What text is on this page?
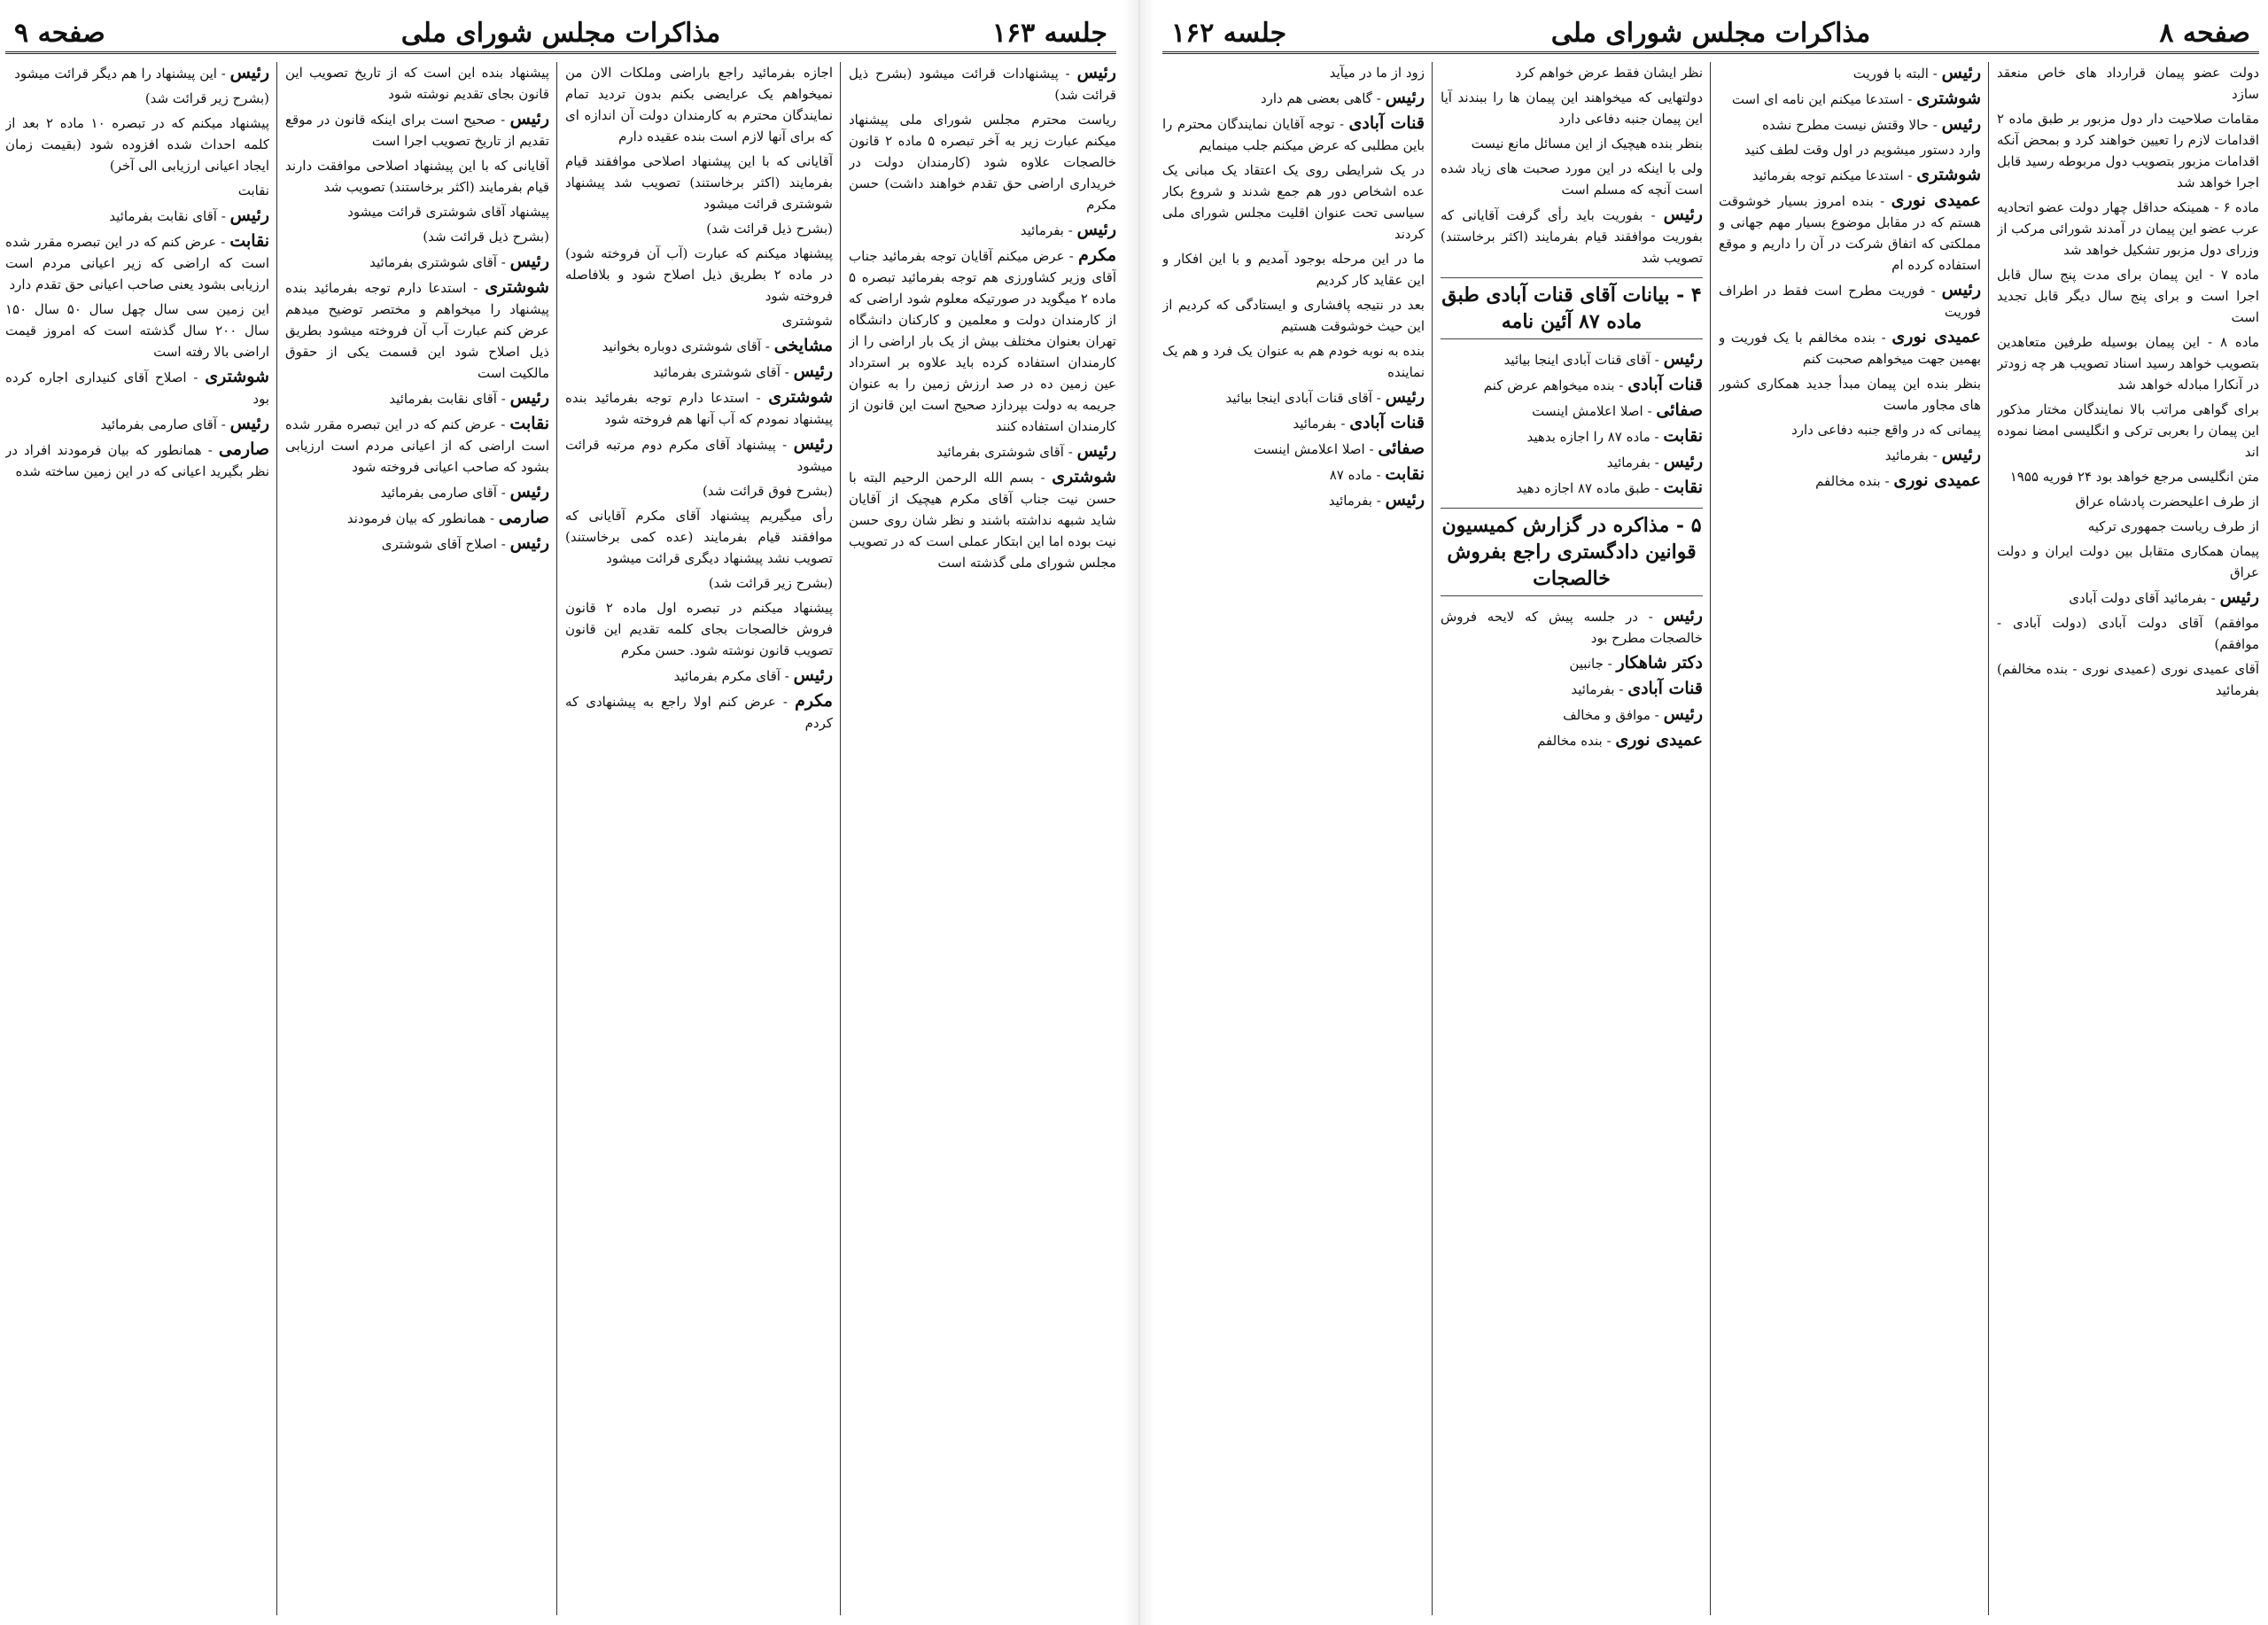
جلسه ۱۶۳
مذاکرات مجلس شورای ملی
صفحه ۹

رئیس - پیشنهادات قرائت میشود (بشرح ذیل قرائت شد)

ریاست محترم مجلس شورای ملی پیشنهاد میکنم عبارت زیر به آخر تبصره ۵ ماده ۲ قانون خالصجات علاوه شود (کارمندان دولت در خریداری اراضی حق تقدم خواهند داشت) حسن مکرم

رئیس - بفرمائید

مکرم - عرض میکنم آقایان توجه بفرمائید جناب آقای وزیر کشاورزی هم توجه بفرمائید تبصره ۵ ماده ۲ میگوید در صورتیکه معلوم شود اراضی که از کارمندان دولت و معلمین و کارکنان دانشگاه تهران بعنوان مختلف بیش از یک بار اراضی را از کارمندان استفاده کرده باید علاوه بر استرداد عین زمین ده در صد ارزش زمین را به عنوان جریمه به دولت بپردازد صحیح است این قانون از کارمندان استفاده کنند

رئیس - آقای شوشتری بفرمائید

شوشتری - بسم الله الرحمن الرحیم البته با حسن نیت جناب آقای مکرم هیچیک از آقایان شاید شبهه نداشته باشند و نظر شان روی حسن نیت بوده اما این ابتکار عملی است که در تصویب مجلس شورای ملی گذشته است

اجازه بفرمائید راجع باراضی وملکات الان من نمیخواهم یک عرایضی بکنم بدون تردید تمام نمایندگان محترم به کارمندان دولت آن اندازه ای که برای آنها لازم است بنده عقیده دارم

آقایانی که با این پیشنهاد اصلاحی موافقند قیام بفرمایند (اکثر برخاستند) تصویب شد پیشنهاد شوشتری قرائت میشود

(بشرح ذیل قرائت شد)

پیشنهاد میکنم که عبارت (آب آن فروخته شود) در ماده ۲ بطریق ذیل اصلاح شود و بلافاصله فروخته شود

شوشتری

مشایخی - آقای شوشتری دوباره بخوانید

رئیس - آقای شوشتری بفرمائید

شوشتری - استدعا دارم توجه بفرمائید بنده پیشنهاد نمودم که آب آنها هم فروخته شود

رئیس - پیشنهاد آقای مکرم دوم مرتبه قرائت میشود

(بشرح فوق قرائت شد)

رأی میگیریم پیشنهاد آقای مکرم آقایانی که موافقند قیام بفرمایند (عده کمی برخاستند) تصویب نشد پیشنهاد دیگری قرائت میشود

(بشرح زیر قرائت شد)

پیشنهاد میکنم در تبصره اول ماده ۲ قانون فروش خالصجات بجای کلمه تقدیم این قانون تصویب قانون نوشته شود. حسن مکرم

رئیس - آقای مکرم بفرمائید

مکرم - عرض کنم اولا راجع به پیشنهادی که کردم

پیشنهاد بنده این است که از تاریخ تصویب این قانون بجای تقدیم نوشته شود

رئیس - صحیح است برای اینکه قانون در موقع تقدیم از تاریخ تصویب اجرا است

آقایانی که با این پیشنهاد اصلاحی موافقت دارند قیام بفرمایند (اکثر برخاستند) تصویب شد

پیشنهاد آقای شوشتری قرائت میشود

(بشرح ذیل قرائت شد)

رئیس - آقای شوشتری بفرمائید

شوشتری - استدعا دارم توجه بفرمائید بنده پیشنهاد را میخواهم و مختصر توضیح میدهم عرض کنم عبارت آب آن فروخته میشود بطریق ذیل اصلاح شود این قسمت یکی از حقوق مالکیت است

رئیس - آقای نقابت بفرمائید

نقابت - عرض کنم که در این تبصره مقرر شده است اراضی که از اعیانی مردم است ارزیابی بشود که صاحب اعیانی فروخته شود

رئیس - آقای صارمی بفرمائید

صارمی - همانطور که بیان فرمودند

رئیس - اصلاح آقای شوشتری

رئیس - این پیشنهاد را هم دیگر قرائت میشود

(بشرح زیر قرائت شد)

پیشنهاد میکنم که در تبصره ۱۰ ماده ۲ بعد از کلمه احداث شده افزوده شود (بقیمت زمان ایجاد اعیانی ارزیابی الی آخر)

نقابت

رئیس - آقای نقابت بفرمائید

نقابت - عرض کنم که در این تبصره مقرر شده است که اراضی که زیر اعیانی مردم است ارزیابی بشود یعنی صاحب اعیانی حق تقدم دارد

این زمین سی سال چهل سال ۵۰ سال ۱۵۰ سال ۲۰۰ سال گذشته است که امروز قیمت اراضی بالا رفته است

شوشتری - اصلاح آقای کنیداری اجاره کرده بود

رئیس - آقای صارمی بفرمائید

صارمی - همانطور که بیان فرمودند افراد در نظر بگیرید اعیانی که در این زمین ساخته شده

صفحه ۸
مذاکرات مجلس شورای ملی
جلسه ۱۶۲

دولت عضو پیمان قرارداد های خاص منعقد سازد

مقامات صلاحیت دار دول مزبور بر طبق ماده ۲ اقدامات لازم را تعیین خواهند کرد و بمحض آنکه اقدامات مزبور بتصویب دول مربوطه رسید قابل اجرا خواهد شد

ماده ۶ - همینکه حداقل چهار دولت عضو اتحادیه عرب عضو این پیمان در آمدند شورائی مرکب از وزرای دول مزبور تشکیل خواهد شد

ماده ۷ - این پیمان برای مدت پنج سال قابل اجرا است و برای پنج سال دیگر قابل تجدید است

ماده ۸ - این پیمان بوسیله طرفین متعاهدین بتصویب خواهد رسید اسناد تصویب هر چه زودتر در آنکارا مبادله خواهد شد

برای گواهی مراتب بالا نمایندگان مختار مذکور این پیمان را بعربی ترکی و انگلیسی امضا نموده اند

متن انگلیسی مرجع خواهد بود ۲۴ فوریه ۱۹۵۵

از طرف اعلیحضرت پادشاه عراق

از طرف ریاست جمهوری ترکیه

پیمان همکاری متقابل بین دولت ایران و دولت عراق

رئیس - بفرمائید آقای دولت آبادی

موافقم) آقای دولت آبادی (دولت آبادی - موافقم)

آقای عمیدی نوری (عمیدی نوری - بنده مخالفم) بفرمائید

رئیس - البته با فوریت

شوشتری - استدعا میکنم این نامه ای است

رئیس - حالا وقتش نیست مطرح نشده

وارد دستور میشویم در اول وقت لطف کنید

شوشتری - استدعا میکنم توجه بفرمائید

عمیدی نوری - بنده امروز بسیار خوشوقت هستم که در مقابل موضوع بسیار مهم جهانی و مملکتی که اتفاق شرکت در آن را داریم و موقع استفاده کرده ام

رئیس - فوریت مطرح است فقط در اطراف فوریت

عمیدی نوری - بنده مخالفم با یک فوریت و بهمین جهت میخواهم صحبت کنم

بنظر بنده این پیمان مبدأ جدید همکاری کشور های مجاور ماست

پیمانی که در واقع جنبه دفاعی دارد

رئیس - بفرمائید

عمیدی نوری - بنده مخالفم

نظر ایشان فقط عرض خواهم کرد

دولتهایی که میخواهند این پیمان ها را ببندند آیا این پیمان جنبه دفاعی دارد

بنظر بنده هیچیک از این مسائل مانع نیست

ولی با اینکه در این مورد صحبت های زیاد شده است آنچه که مسلم است

رئیس - بفوریت باید رأی گرفت آقایانی که بفوریت موافقند قیام بفرمایند (اکثر برخاستند) تصویب شد

۴ - بیانات آقای قنات آبادی طبق ماده ۸۷ آئین نامه

رئیس - آقای قنات آبادی اینجا بیائید

قنات آبادی - بنده میخواهم عرض کنم

صفائی - اصلا اعلامش اینست

نقابت - ماده ۸۷ را اجازه بدهید

رئیس - بفرمائید

نقابت - طبق ماده ۸۷ اجازه دهید

۵ - مذاکره در گزارش کمیسیون قوانین دادگستری راجع بفروش خالصجات

رئیس - در جلسه پیش که لایحه فروش خالصجات مطرح بود

دکتر شاهکار - جانبین

قنات آبادی - بفرمائید

رئیس - موافق و مخالف

عمیدی نوری - بنده مخالفم

زود از ما در میآید

رئیس - گاهی بعضی هم دارد

قنات آبادی - توجه آقایان نمایندگان محترم را باین مطلبی که عرض میکنم جلب مینمایم

در یک شرایطی روی یک اعتقاد یک مبانی یک عده اشخاص دور هم جمع شدند و شروع بکار سیاسی تحت عنوان اقلیت مجلس شورای ملی کردند

ما در این مرحله بوجود آمدیم و با این افکار و این عقاید کار کردیم

بعد در نتیجه پافشاری و ایستادگی که کردیم از این حیث خوشوقت هستیم

بنده به نوبه خودم هم به عنوان یک فرد و هم یک نماینده

رئیس - آقای قنات آبادی اینجا بیائید

قنات آبادی - بفرمائید

صفائی - اصلا اعلامش اینست

نقابت - ماده ۸۷

رئیس - بفرمائید
